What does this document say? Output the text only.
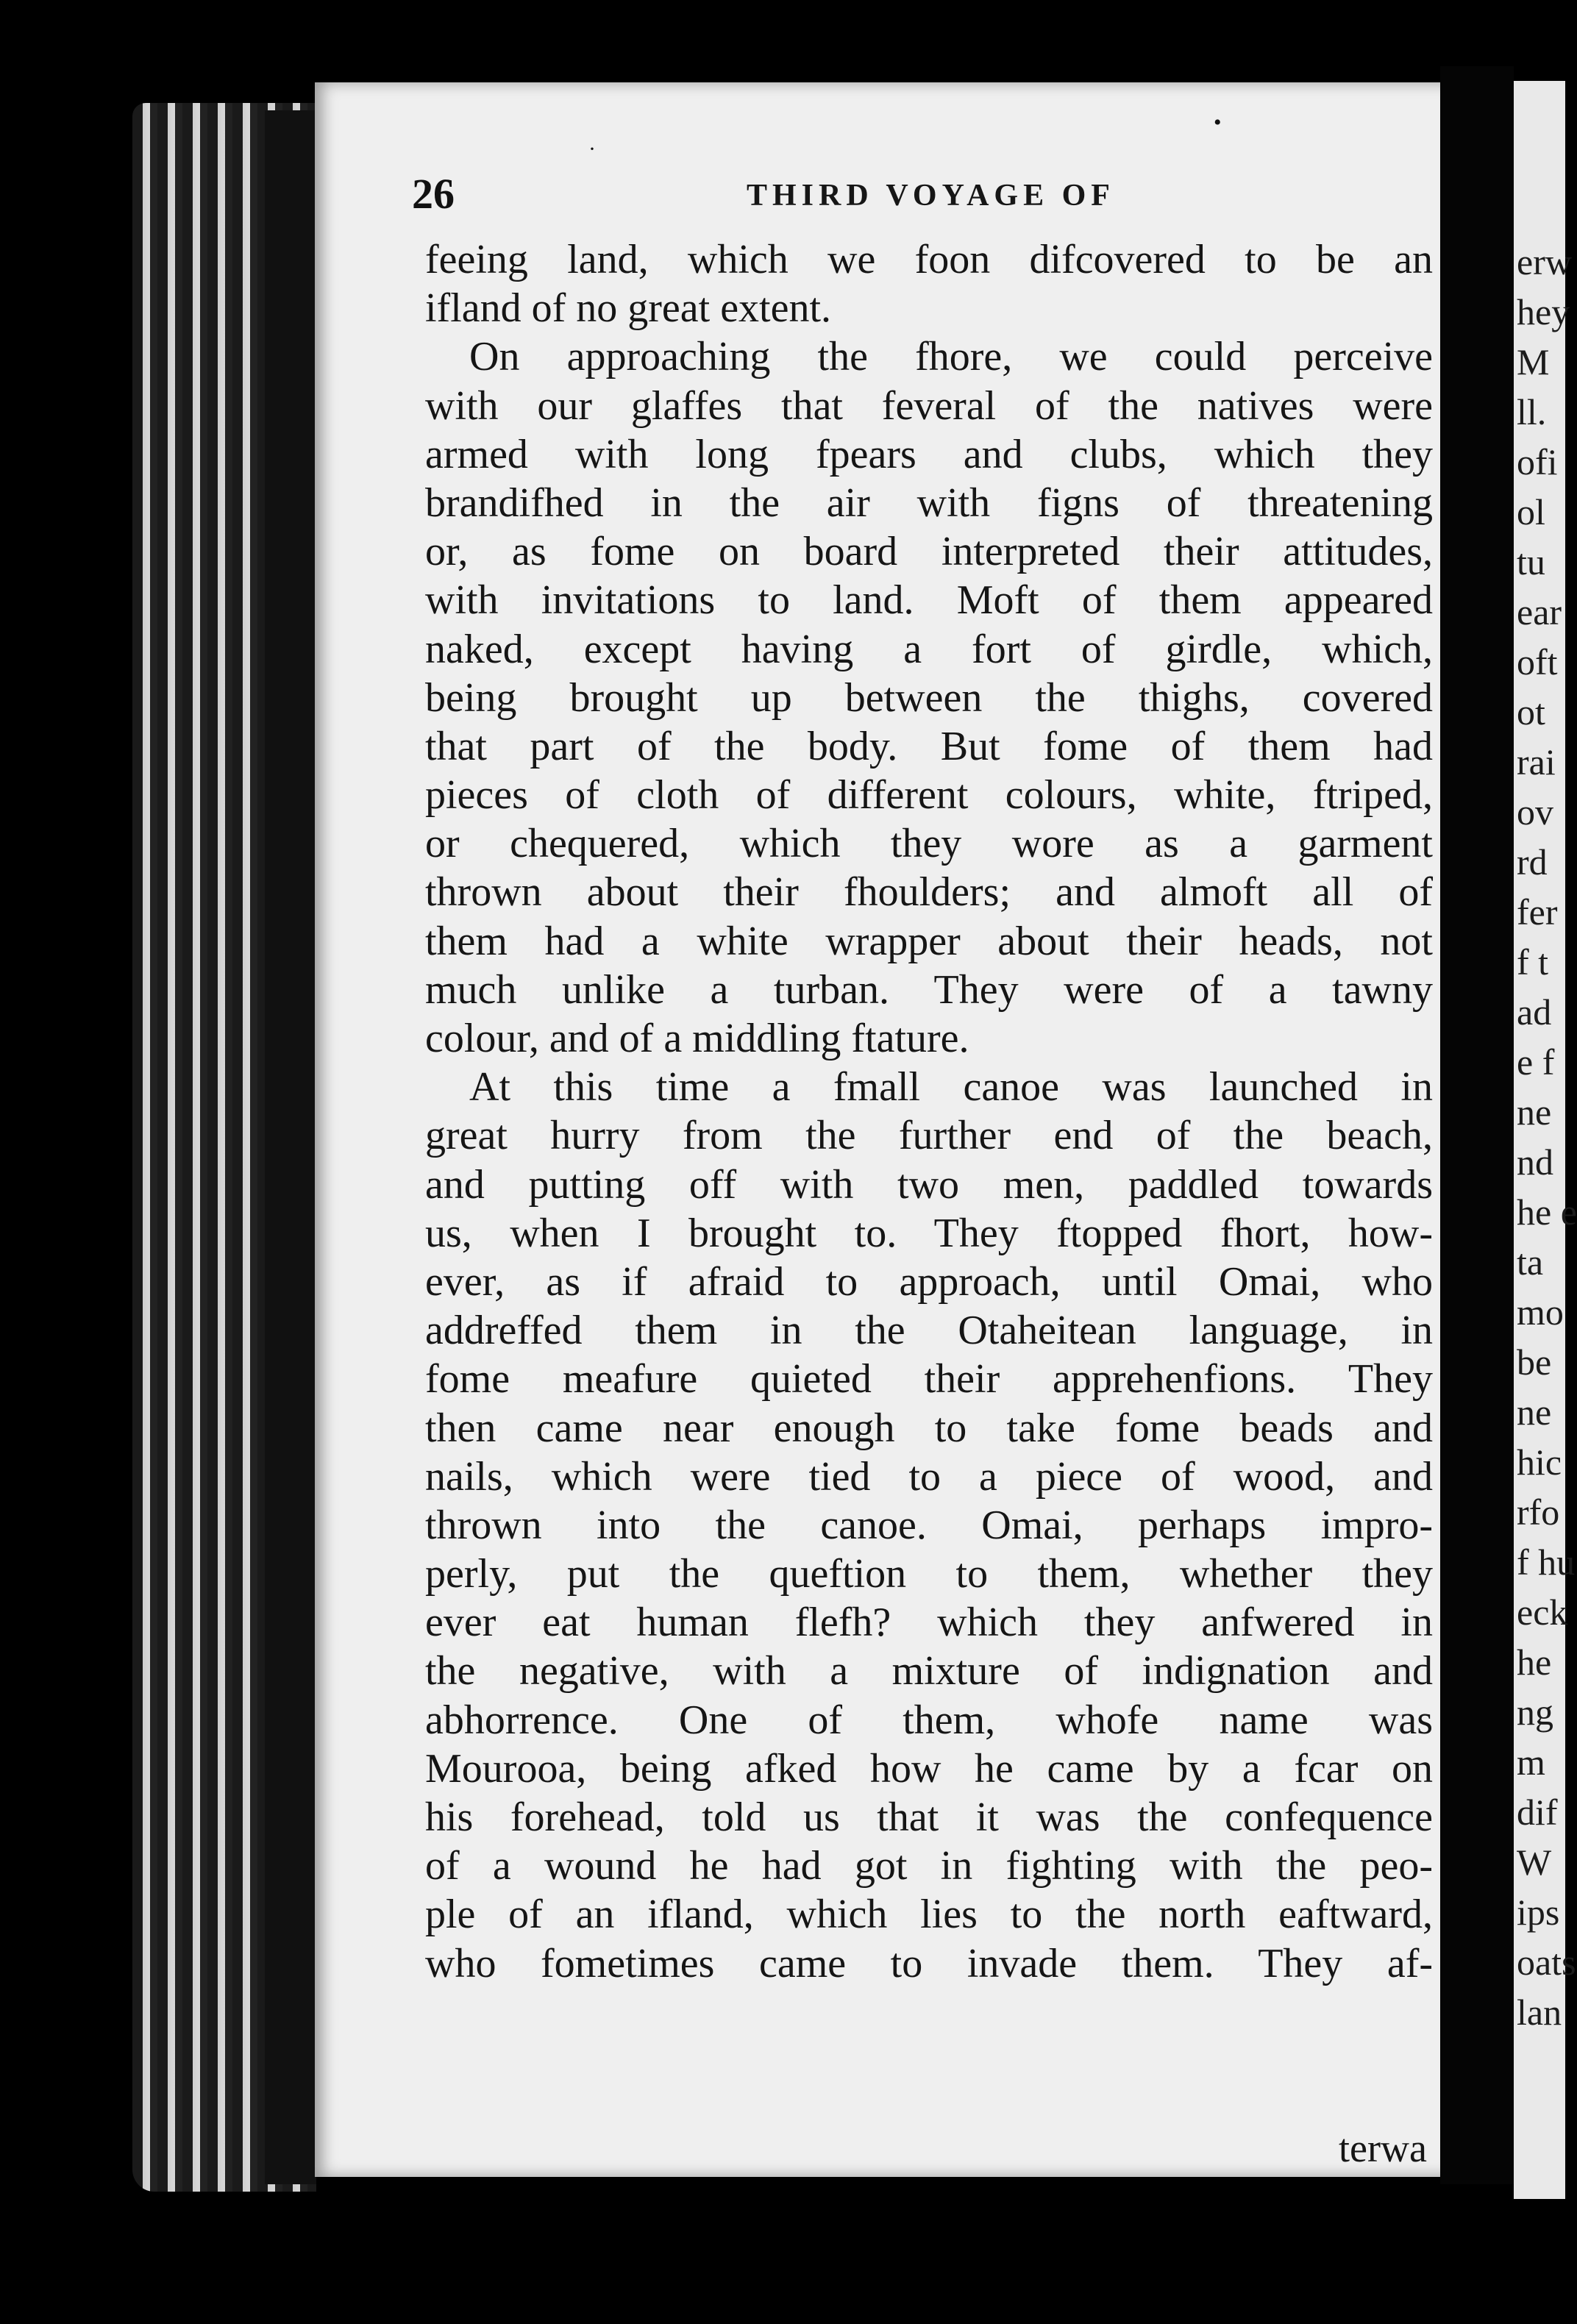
erw
hey
M
ll.
ofi
ol
tu
ear
oft
ot
rai
ov
rd
fer
f t
ad
e f
ne
nd
he e
ta
mo
be
ne
hic
rfo
f hu
eck
he
ng
m
dif
W
ips
oats
lan
26	THIRD VOYAGE OF
feeing land, which we foon difcovered to be an
ifland of no great extent.
On approaching the fhore, we could perceive
with our glaffes that feveral of the natives were
armed with long fpears and clubs, which they
brandifhed in the air with figns of threatening
or, as fome on board interpreted their attitudes,
with invitations to land. Moft of them appeared
naked, except having a fort of girdle, which,
being brought up between the thighs, covered
that part of the body. But fome of them had
pieces of cloth of different colours, white, ftriped,
or chequered, which they wore as a garment
thrown about their fhoulders; and almoft all of
them had a white wrapper about their heads, not
much unlike a turban. They were of a tawny
colour, and of a middling ftature.
At this time a fmall canoe was launched in
great hurry from the further end of the beach,
and putting off with two men, paddled towards
us, when I brought to. They ftopped fhort, how-
ever, as if afraid to approach, until Omai, who
addreffed them in the Otaheitean language, in
fome meafure quieted their apprehenfions. They
then came near enough to take fome beads and
nails, which were tied to a piece of wood, and
thrown into the canoe. Omai, perhaps impro-
perly, put the queftion to them, whether they
ever eat human flefh? which they anfwered in
the negative, with a mixture of indignation and
abhorrence. One of them, whofe name was
Mourooa, being afked how he came by a fcar on
his forehead, told us that it was the confequence
of a wound he had got in fighting with the peo-
ple of an ifland, which lies to the north eaftward,
who fometimes came to invade them. They af-
terwa
·
•
